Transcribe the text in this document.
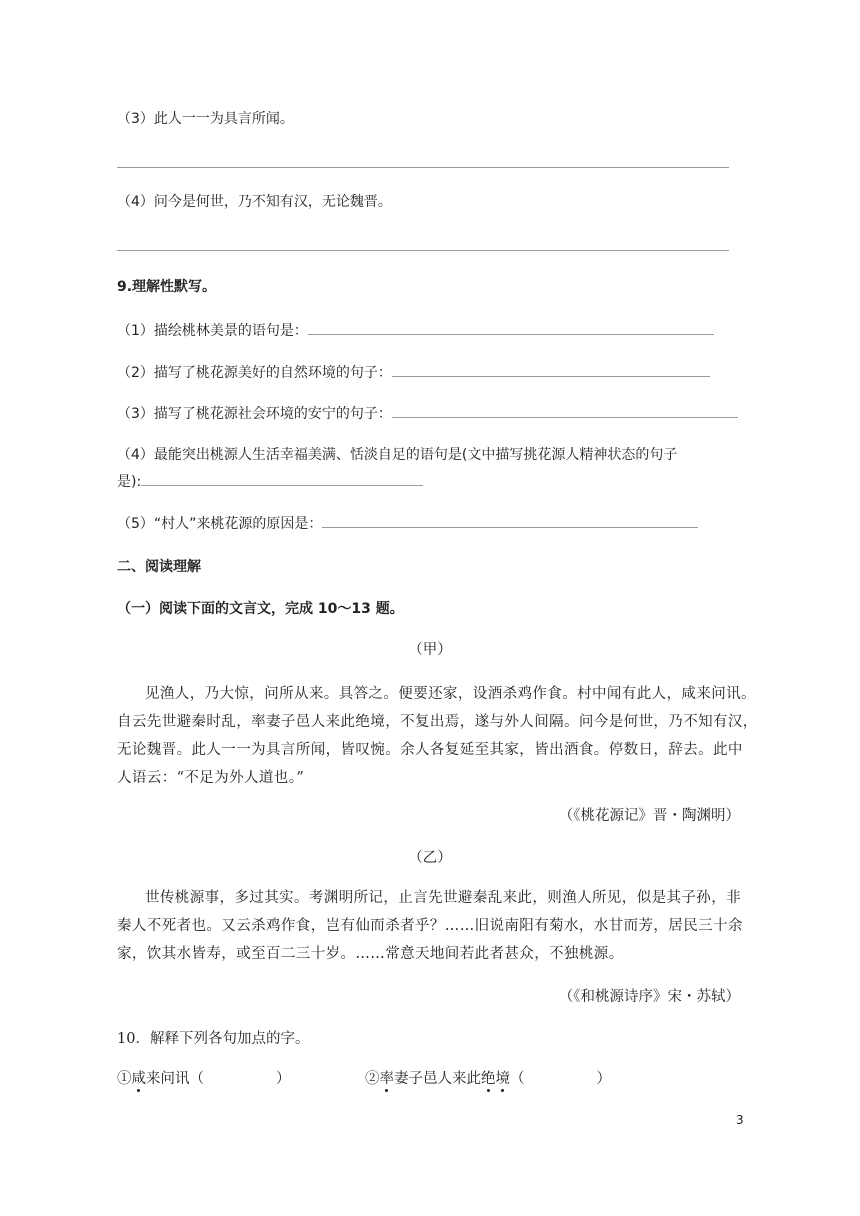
（3）此人一一为具言所闻。
（4）问今是何世，乃不知有汉，无论魏晋。
9.理解性默写。
（1）描绘桃林美景的语句是：
（2）描写了桃花源美好的自然环境的句子：
（3）描写了桃花源社会环境的安宁的句子：
（4）最能突出桃源人生活幸福美满、恬淡自足的语句是(文中描写挑花源人精神状态的句子
是):
（5）“村人”来桃花源的原因是：
二、阅读理解
（一）阅读下面的文言文，完成 10～13 题。
（甲）
见渔人，乃大惊，问所从来。具答之。便要还家，设酒杀鸡作食。村中闻有此人，咸来问讯。
自云先世避秦时乱，率妻子邑人来此绝境，不复出焉，遂与外人间隔。问今是何世，乃不知有汉，
无论魏晋。此人一一为具言所闻，皆叹惋。余人各复延至其家，皆出酒食。停数日，辞去。此中
人语云：“不足为外人道也。”
（《桃花源记》晋・陶渊明）
（乙）
世传桃源事，多过其实。考渊明所记，止言先世避秦乱来此，则渔人所见，似是其子孙，非
秦人不死者也。又云杀鸡作食，岂有仙而杀者乎？……旧说南阳有菊水，水甘而芳，居民三十余
家，饮其水皆寿，或至百二三十岁。……常意天地间若此者甚众，不独桃源。
（《和桃源诗序》宋・苏轼）
10．解释下列各句加点的字。
①咸来问讯（	）	②率妻子邑人来此绝境（	）
3
